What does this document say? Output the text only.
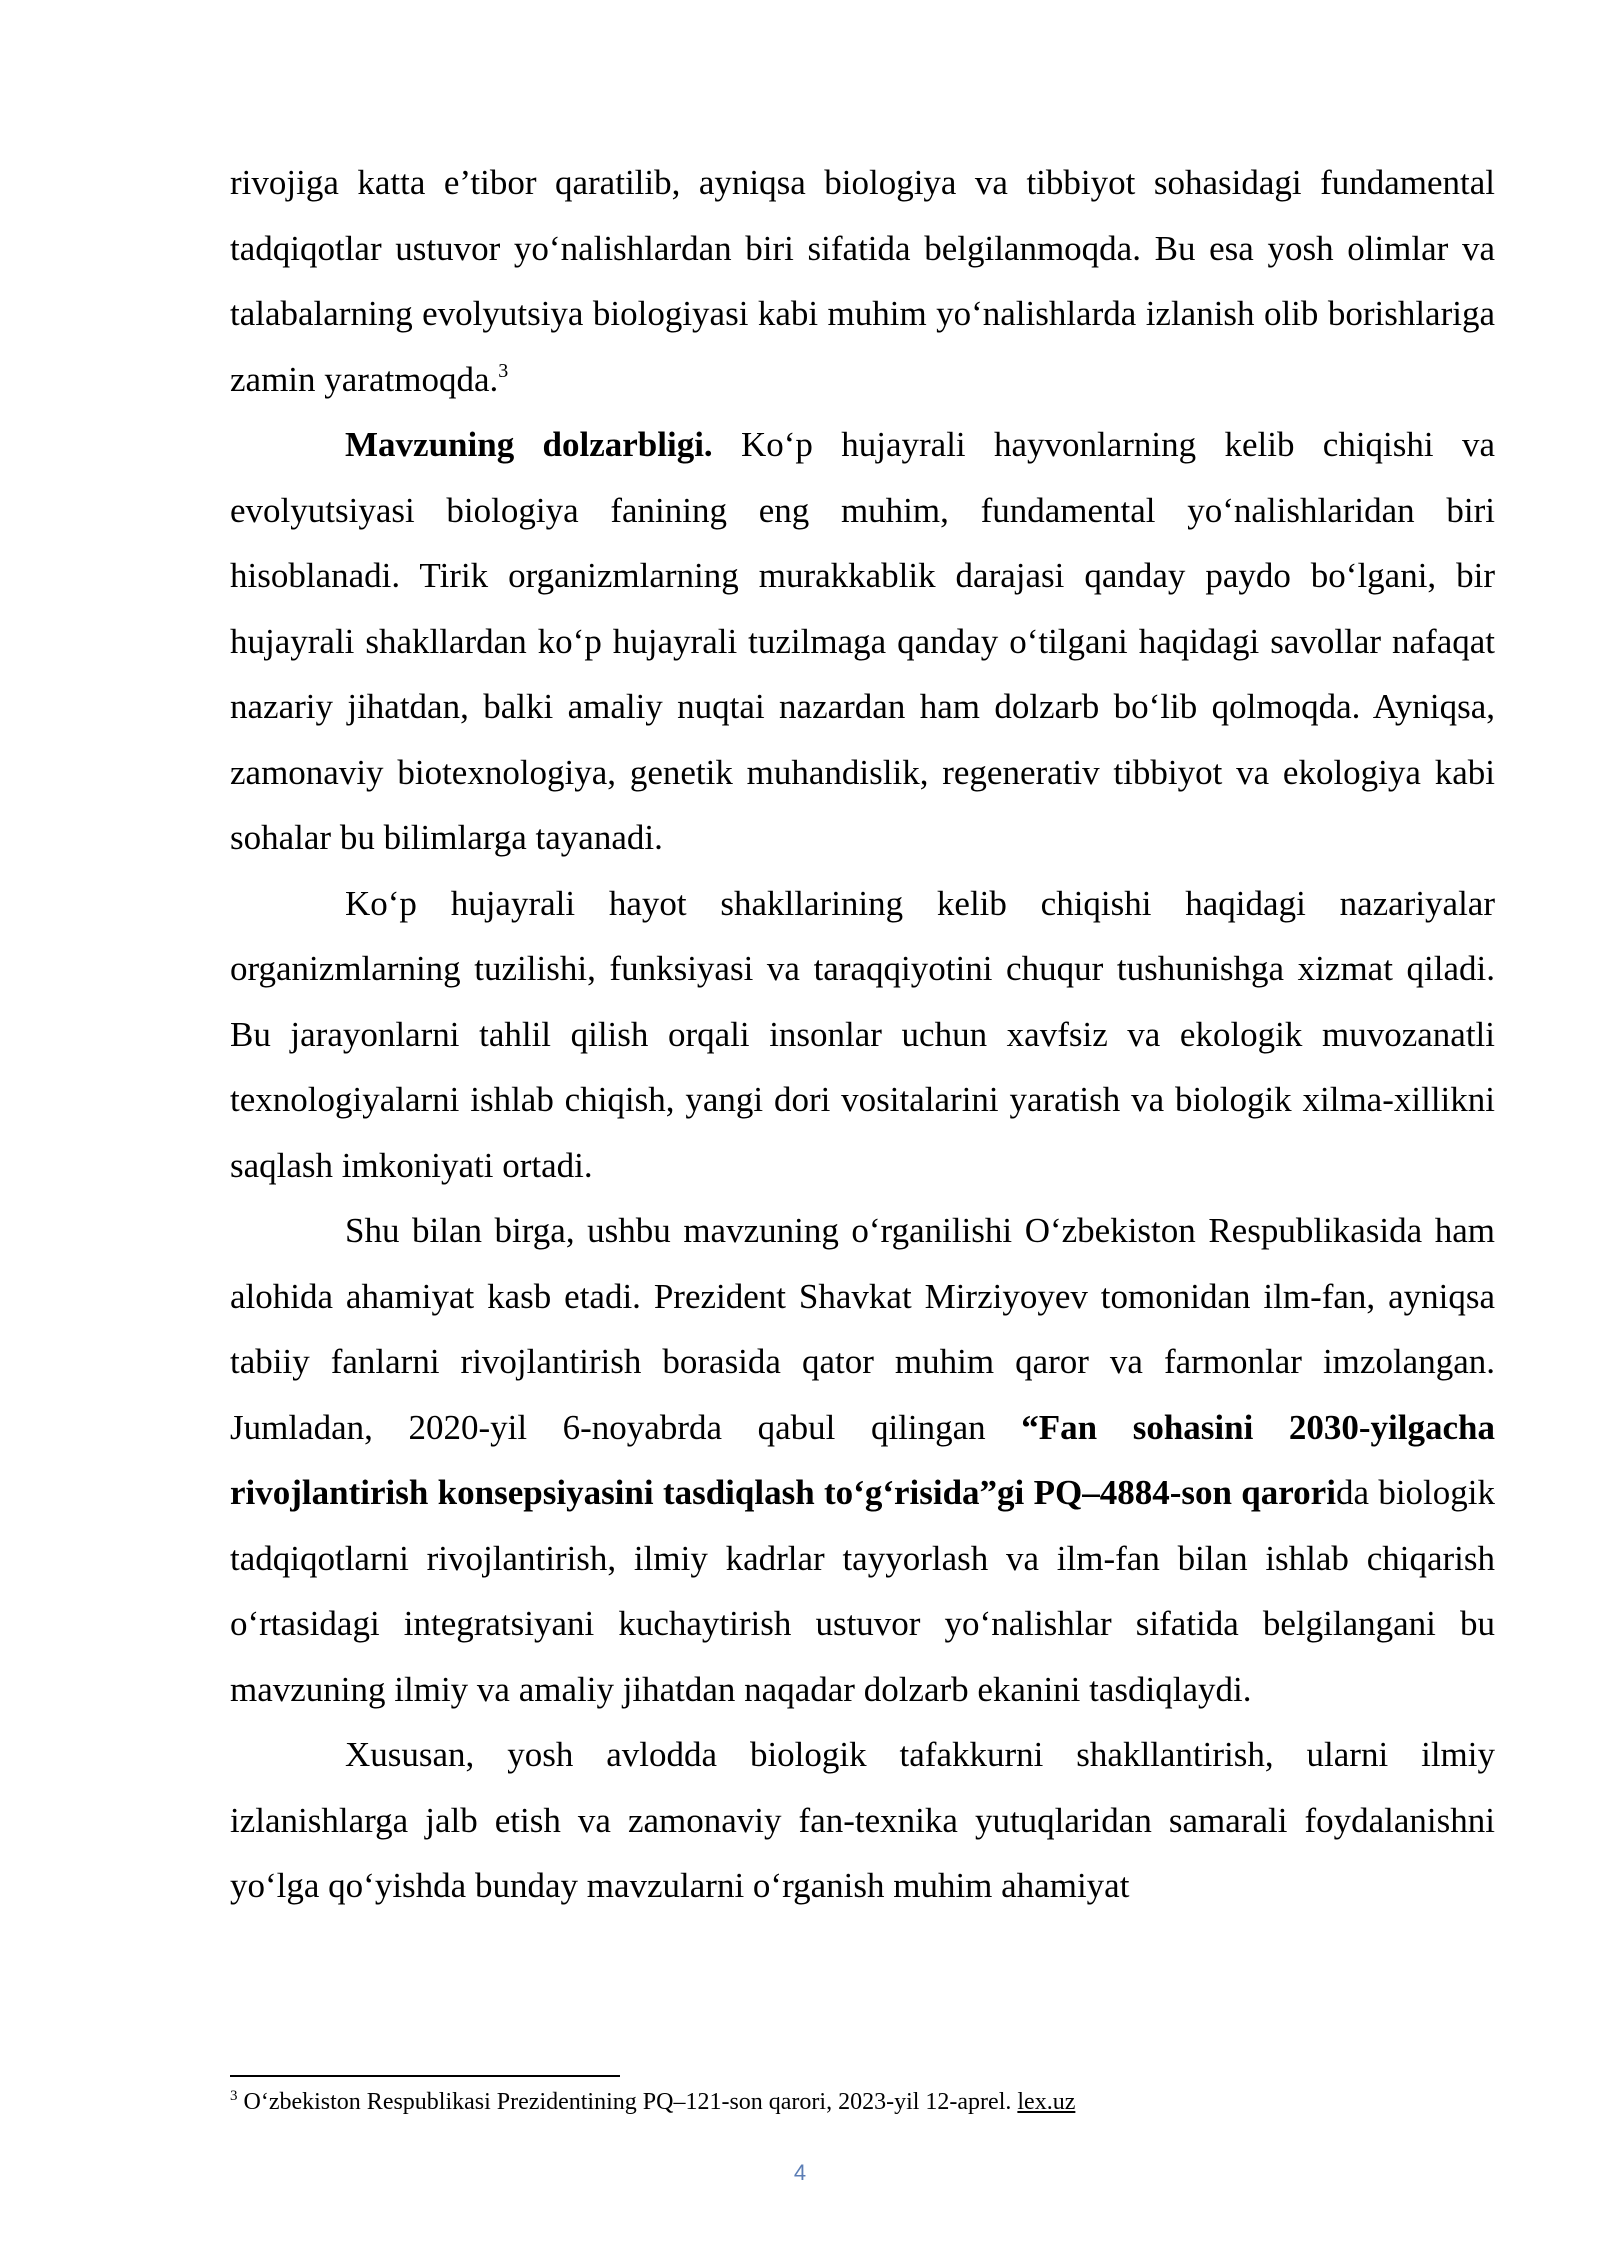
rivojiga katta e’tibor qaratilib, ayniqsa biologiya va tibbiyot sohasidagi fundamental tadqiqotlar ustuvor yo‘nalishlardan biri sifatida belgilanmoqda. Bu esa yosh olimlar va talabalarning evolyutsiya biologiyasi kabi muhim yo‘nalishlarda izlanish olib borishlariga zamin yaratmoqda.$^3$

Mavzuning dolzarbligi. Ko‘p hujayrali hayvonlarning kelib chiqishi va evolyutsiyasi biologiya fanining eng muhim, fundamental yo‘nalishlaridan biri hisoblanadi. Tirik organizmlarning murakkablik darajasi qanday paydo bo‘lgani, bir hujayrali shakllardan ko‘p hujayrali tuzilmaga qanday o‘tilgani haqidagi savollar nafaqat nazariy jihatdan, balki amaliy nuqtai nazardan ham dolzarb bo‘lib qolmoqda. Ayniqsa, zamonaviy biotexnologiya, genetik muhandislik, regenerativ tibbiyot va ekologiya kabi sohalar bu bilimlarga tayanadi.

Ko‘p hujayrali hayot shakllarining kelib chiqishi haqidagi nazariyalar organizmlarning tuzilishi, funksiyasi va taraqqiyotini chuqur tushunishga xizmat qiladi. Bu jarayonlarni tahlil qilish orqali insonlar uchun xavfsiz va ekologik muvozanatli texnologiyalarni ishlab chiqish, yangi dori vositalarini yaratish va biologik xilma-xillikni saqlash imkoniyati ortadi.

Shu bilan birga, ushbu mavzuning o‘rganilishi O‘zbekiston Respublikasida ham alohida ahamiyat kasb etadi. Prezident Shavkat Mirziyoyev tomonidan ilm-fan, ayniqsa tabiiy fanlarni rivojlantirish borasida qator muhim qaror va farmonlar imzolangan. Jumladan, 2020-yil 6-noyabrda qabul qilingan “Fan sohasini 2030-yilgacha rivojlantirish konsepsiyasini tasdiqlash to‘g‘risida”gi PQ–4884-son qarorida biologik tadqiqotlarni rivojlantirish, ilmiy kadrlar tayyorlash va ilm-fan bilan ishlab chiqarish o‘rtasidagi integratsiyani kuchaytirish ustuvor yo‘nalishlar sifatida belgilangani bu mavzuning ilmiy va amaliy jihatdan naqadar dolzarb ekanini tasdiqlaydi.

Xususan, yosh avlodda biologik tafakkurni shakllantirish, ularni ilmiy izlanishlarga jalb etish va zamonaviy fan-texnika yutuqlaridan samarali foydalanishni yo‘lga qo‘yishda bunday mavzularni o‘rganish muhim ahamiyat

$^3$ O‘zbekiston Respublikasi Prezidentining PQ–121-son qarori, 2023-yil 12-aprel. lex.uz

4
